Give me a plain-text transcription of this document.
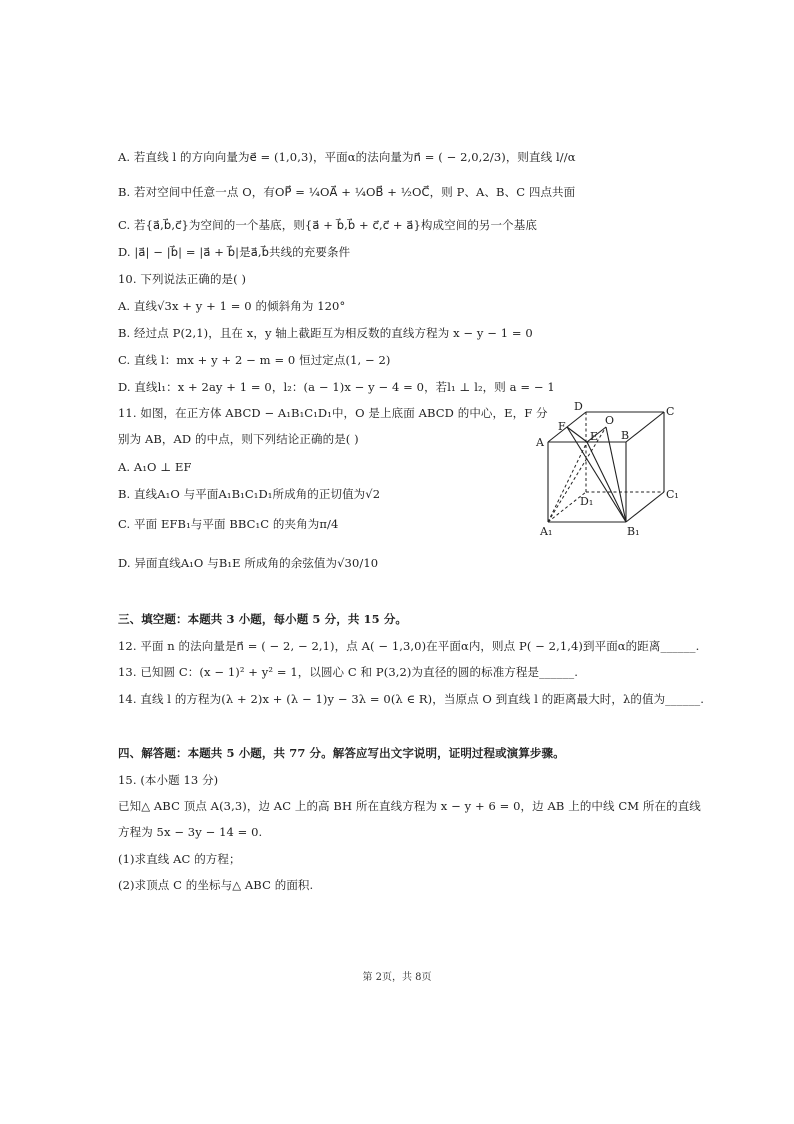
A. 若直线 l 的方向向量为e⃗ = (1,0,3)，平面α的法向量为n⃗ = ( − 2,0,2/3)，则直线 l//α
B. 若对空间中任意一点 O，有OP⃗ = ¼OA⃗ + ¼OB⃗ + ½OC⃗，则 P、A、B、C 四点共面
C. 若{a⃗,b⃗,c⃗}为空间的一个基底，则{a⃗ + b⃗,b⃗ + c⃗,c⃗ + a⃗}构成空间的另一个基底
D. |a⃗| − |b⃗| = |a⃗ + b⃗|是a⃗,b⃗共线的充要条件
10. 下列说法正确的是( )
A. 直线√3x + y + 1 = 0 的倾斜角为 120°
B. 经过点 P(2,1)，且在 x，y 轴上截距互为相反数的直线方程为 x − y − 1 = 0
C. 直线 l：mx + y + 2 − m = 0 恒过定点(1, − 2)
D. 直线l₁：x + 2ay + 1 = 0，l₂：(a − 1)x − y − 4 = 0，若l₁ ⊥ l₂，则 a = − 1
11. 如图，在正方体 ABCD − A₁B₁C₁D₁中，O 是上底面 ABCD 的中心，E，F 分
别为 AB，AD 的中点，则下列结论正确的是( )
A. A₁O ⊥ EF
B. 直线A₁O 与平面A₁B₁C₁D₁所成角的正切值为√2
C. 平面 EFB₁与平面 BBC₁C 的夹角为π/4
D. 异面直线A₁O 与B₁E 所成角的余弦值为√30/10
三、填空题：本题共 3 小题，每小题 5 分，共 15 分。
12. 平面 n 的法向量是n⃗ = ( − 2, − 2,1)，点 A( − 1,3,0)在平面α内，则点 P( − 2,1,4)到平面α的距离______.
13. 已知圆 C：(x − 1)² + y² = 1，以圆心 C 和 P(3,2)为直径的圆的标准方程是______.
14. 直线 l 的方程为(λ + 2)x + (λ − 1)y − 3λ = 0(λ ∈ R)，当原点 O 到直线 l 的距离最大时，λ的值为______.
四、解答题：本题共 5 小题，共 77 分。解答应写出文字说明，证明过程或演算步骤。
15. (本小题 13 分)
已知△ ABC 顶点 A(3,3)，边 AC 上的高 BH 所在直线方程为 x − y + 6 = 0，边 AB 上的中线 CM 所在的直线
方程为 5x − 3y − 14 = 0.
(1)求直线 AC 的方程；
(2)求顶点 C 的坐标与△ ABC 的面积.
D
O
C
F
E B
A
D₁
C₁
A₁	B₁
第 2页，共 8页
